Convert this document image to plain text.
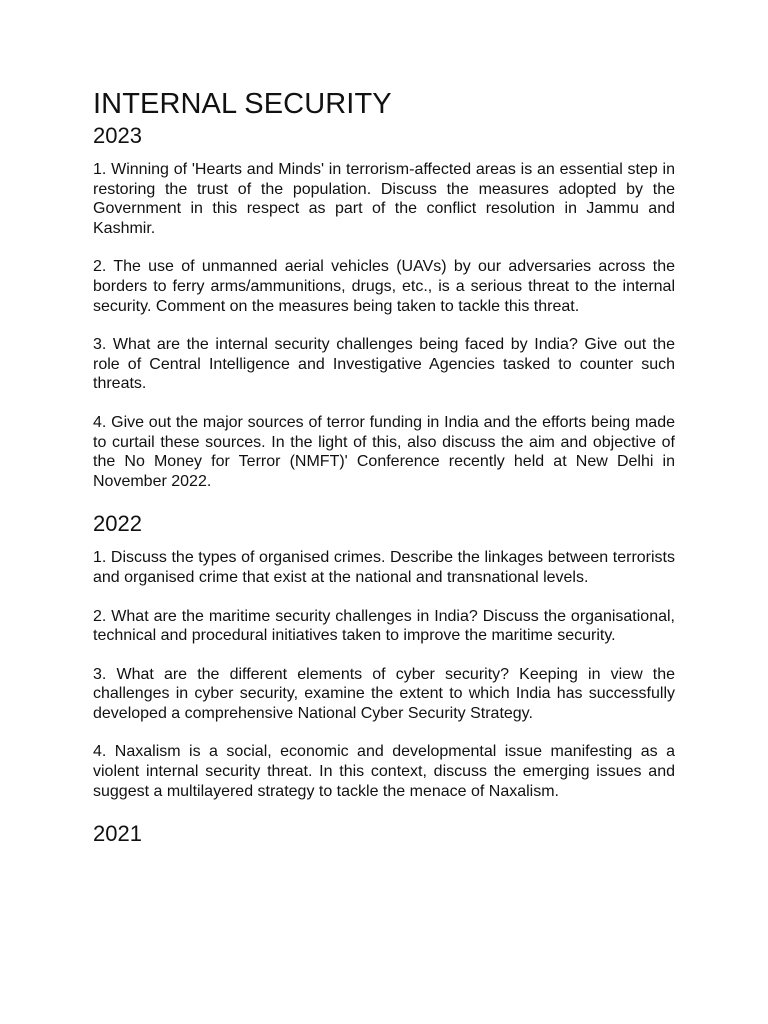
INTERNAL SECURITY
2023

1. Winning of 'Hearts and Minds' in terrorism-affected areas is an essential step in restoring the trust of the population. Discuss the measures adopted by the Government in this respect as part of the conflict resolution in Jammu and Kashmir.

2. The use of unmanned aerial vehicles (UAVs) by our adversaries across the borders to ferry arms/ammunitions, drugs, etc., is a serious threat to the internal security. Comment on the measures being taken to tackle this threat.

3. What are the internal security challenges being faced by India? Give out the role of Central Intelligence and Investigative Agencies tasked to counter such threats.

4. Give out the major sources of terror funding in India and the efforts being made to curtail these sources. In the light of this, also discuss the aim and objective of the No Money for Terror (NMFT)' Conference recently held at New Delhi in November 2022.

2022

1. Discuss the types of organised crimes. Describe the linkages between terrorists and organised crime that exist at the national and transnational levels.

2. What are the maritime security challenges in India? Discuss the organisational, technical and procedural initiatives taken to improve the maritime security.

3. What are the different elements of cyber security? Keeping in view the challenges in cyber security, examine the extent to which India has successfully developed a comprehensive National Cyber Security Strategy.

4. Naxalism is a social, economic and developmental issue manifesting as a violent internal security threat. In this context, discuss the emerging issues and suggest a multilayered strategy to tackle the menace of Naxalism.

2021
